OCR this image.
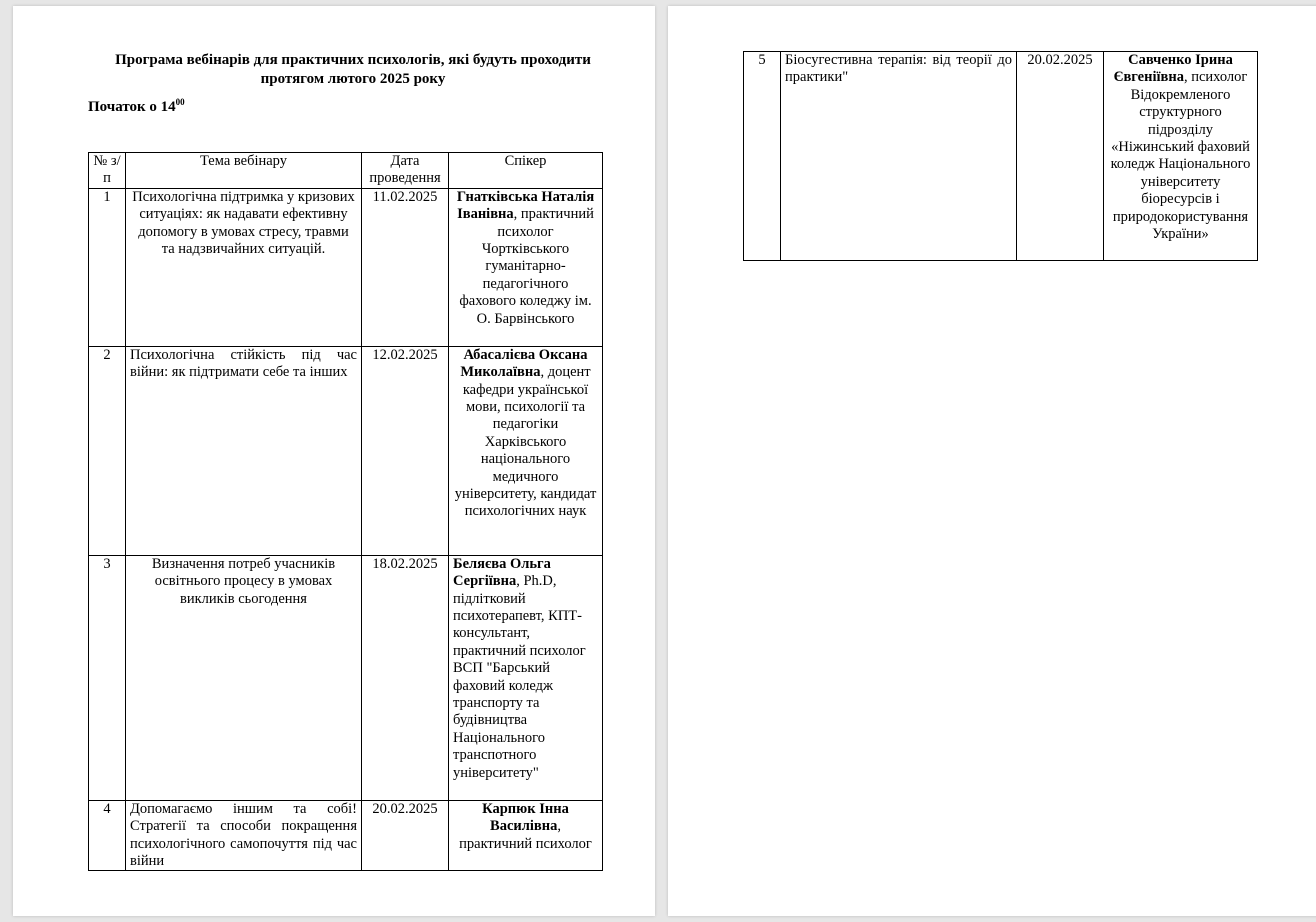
Програма вебінарів для практичних психологів, які будуть проходити протягом лютого 2025 року
Початок о $14^{00}$
№ з/п	Тема вебінару	Дата проведення	Спікер
1	Психологічна підтримка у кризових ситуаціях: як надавати ефективну допомогу в умовах стресу, травми та надзвичайних ситуацій.	11.02.2025	Гнатківська Наталія Іванівна, практичний психолог Чортківського гуманітарно-педагогічного фахового коледжу ім. О. Барвінського
2	Психологічна стійкість під час війни: як підтримати себе та інших	12.02.2025	Абасалієва Оксана Миколаївна, доцент кафедри української мови, психології та педагогіки Харківського національного медичного університету, кандидат психологічних наук
3	Визначення потреб учасників освітнього процесу в умовах викликів сьогодення	18.02.2025	Беляєва Ольга Сергіївна, Ph.D, підлітковий психотерапевт, КПТ-консультант, практичний психолог ВСП "Барський фаховий коледж транспорту та будівництва Національного транспотного університету"
4	Допомагаємо іншим та собі! Стратегії та способи покращення психологічного самопочуття під час війни	20.02.2025	Карпюк Інна Василівна, практичний психолог
5	Біосугестивна терапія: від теорії до практики"	20.02.2025	Савченко Ірина Євгеніївна, психолог Відокремленого структурного підрозділу «Ніжинський фаховий коледж Національного університету біоресурсів і природокористування України»
